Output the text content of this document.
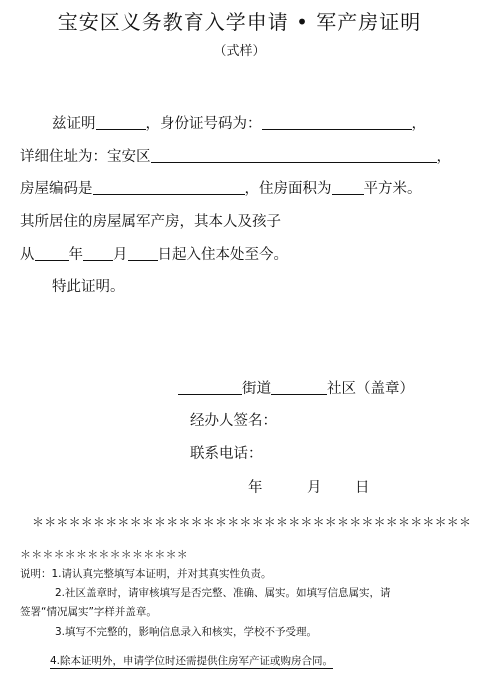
宝安区义务教育入学申请 • 军产房证明
（式样）
兹证明	，身份证号码为：	，
详细住址为：宝安区	，
房屋编码是	，住房面积为 平方米。
其所居住的房屋属军产房，其本人及孩子
从 年 月 日起入住本处至今。
特此证明。
街道	社区（盖章）
经办人签名：
联系电话：
年	月 日
＊＊＊＊＊＊＊＊＊＊＊＊＊＊＊＊＊＊＊＊＊＊＊＊＊＊＊＊＊＊＊＊＊＊＊＊
＊＊＊＊＊＊＊＊＊＊＊＊＊＊＊
说明：1.请认真完整填写本证明，并对其真实性负责。
2.社区盖章时，请审核填写是否完整、准确、属实。如填写信息属实，请
签署“情况属实”字样并盖章。
3.填写不完整的，影响信息录入和核实，学校不予受理。
4.除本证明外，申请学位时还需提供住房军产证或购房合同。
